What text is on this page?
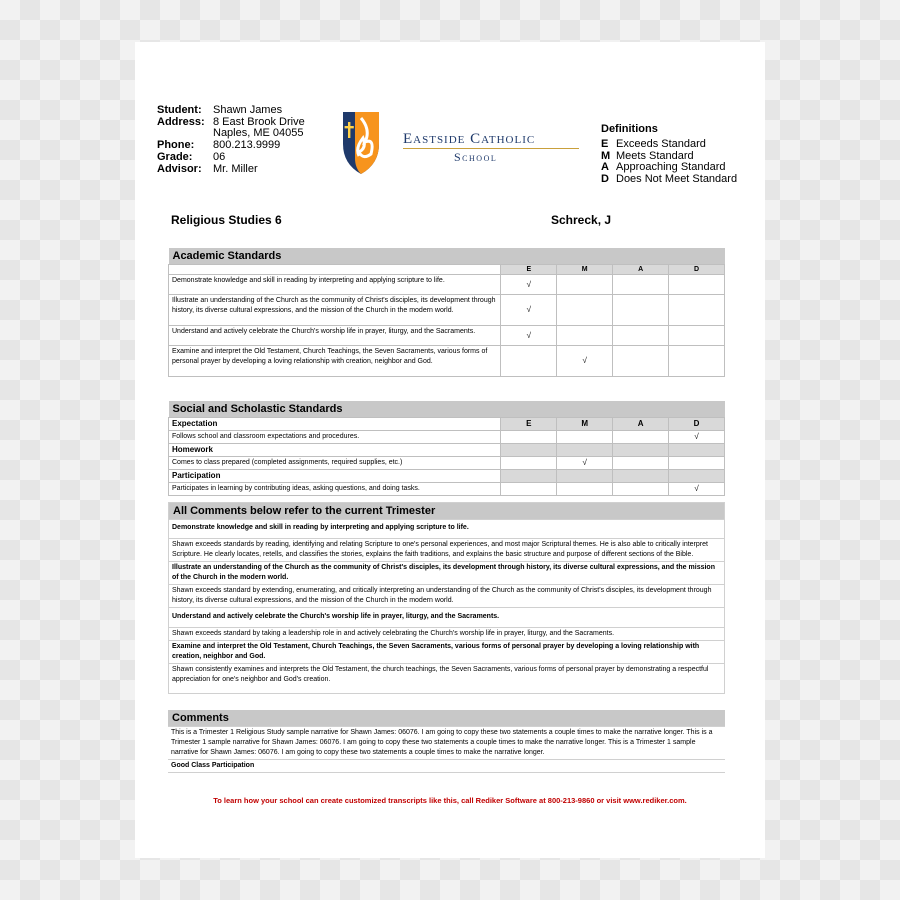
Student: Shawn James
Address: 8 East Brook Drive
Naples, ME 04055
Phone: 800.213.9999
Grade: 06
Advisor: Mr. Miller
Eastside Catholic
School
Definitions
E Exceeds Standard
M Meets Standard
A Approaching Standard
D Does Not Meet Standard
Religious Studies 6	Schreck, J
Academic Standards				
	E	M	A	D
Demonstrate knowledge and skill in reading by interpreting and applying scripture to life.	√			
Illustrate an understanding of the Church as the community of Christ's disciples, its development through history, its diverse cultural expressions, and the mission of the Church in the modern world.	√			
Understand and actively celebrate the Church's worship life in prayer, liturgy, and the Sacraments.	√			
Examine and interpret the Old Testament, Church Teachings, the Seven Sacraments, various forms of personal prayer by developing a loving relationship with creation, neighbor and God.		√		
Social and Scholastic Standards				
Expectation	E	M	A	D
Follows school and classroom expectations and procedures.				√
Homework				
Comes to class prepared (completed assignments, required supplies, etc.)		√		
Participation				
Participates in learning by contributing ideas, asking questions, and doing tasks.				√
All Comments below refer to the current Trimester
Demonstrate knowledge and skill in reading by interpreting and applying scripture to life.
Shawn exceeds standards by reading, identifying and relating Scripture to one's personal experiences, and most major Scriptural themes. He is also able to critically interpret Scripture. He clearly locates, retells, and classifies the stories, explains the faith traditions, and explains the basic structure and purpose of different sections of the Bible.
Illustrate an understanding of the Church as the community of Christ's disciples, its development through history, its diverse cultural expressions, and the mission of the Church in the modern world.
Shawn exceeds standard by extending, enumerating, and critically interpreting an understanding of the Church as the community of Christ's disciples, its development through history, its diverse cultural expressions, and the mission of the Church in the modern world.
Understand and actively celebrate the Church's worship life in prayer, liturgy, and the Sacraments.
Shawn exceeds standard by taking a leadership role in and actively celebrating the Church's worship life in prayer, liturgy, and the Sacraments.
Examine and interpret the Old Testament, Church Teachings, the Seven Sacraments, various forms of personal prayer by developing a loving relationship with creation, neighbor and God.
Shawn consistently examines and interprets the Old Testament, the church teachings, the Seven Sacraments, various forms of personal prayer by demonstrating a respectful appreciation for one's neighbor and God's creation.
Comments
This is a Trimester 1 Religious Study sample narrative for Shawn James: 06076. I am going to copy these two statements a couple times to make the narrative longer. This is a Trimester 1 sample narrative for Shawn James: 06076. I am going to copy these two statements a couple times to make the narrative longer. This is a Trimester 1 sample narrative for Shawn James: 06076. I am going to copy these two statements a couple times to make the narrative longer.
Good Class Participation
To learn how your school can create customized transcripts like this, call Rediker Software at 800-213-9860 or visit www.rediker.com.
